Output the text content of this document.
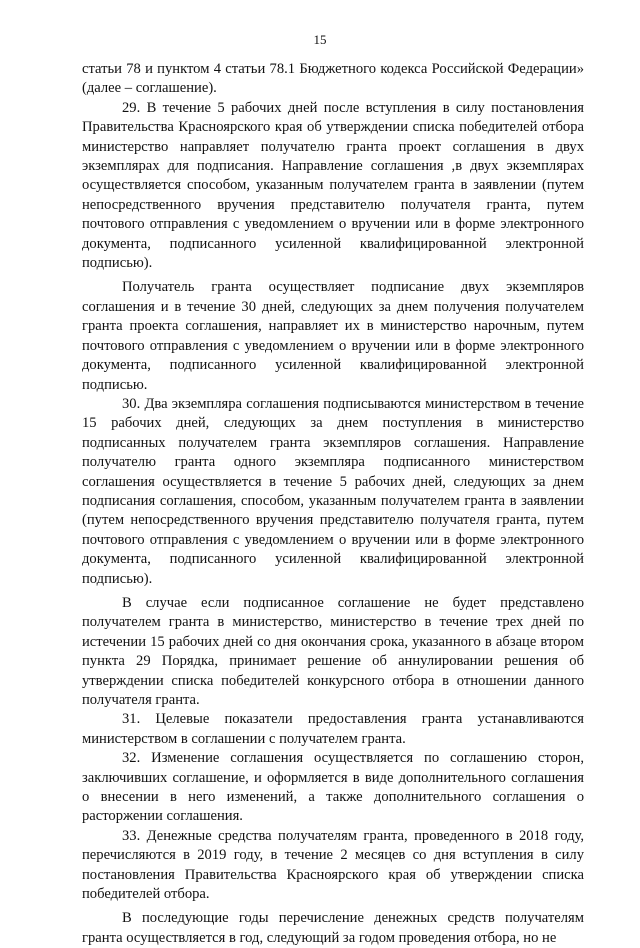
15

статьи 78 и пунктом 4 статьи 78.1 Бюджетного кодекса Российской Федерации» (далее – соглашение).

29. В течение 5 рабочих дней после вступления в силу постановления Правительства Красноярского края об утверждении списка победителей отбора министерство направляет получателю гранта проект соглашения в двух экземплярах для подписания. Направление соглашения ,в двух экземплярах осуществляется способом, указанным получателем гранта в заявлении (путем непосредственного вручения представителю получателя гранта, путем почтового отправления с уведомлением о вручении или в форме электронного документа, подписанного усиленной квалифицированной электронной подписью).

Получатель гранта осуществляет подписание двух экземпляров соглашения и в течение 30 дней, следующих за днем получения получателем гранта проекта соглашения, направляет их в министерство нарочным, путем почтового отправления с уведомлением о вручении или в форме электронного документа, подписанного усиленной квалифицированной электронной подписью.

30. Два экземпляра соглашения подписываются министерством в течение 15 рабочих дней, следующих за днем поступления в министерство подписанных получателем гранта экземпляров соглашения. Направление получателю гранта одного экземпляра подписанного министерством соглашения осуществляется в течение 5 рабочих дней, следующих за днем подписания соглашения, способом, указанным получателем гранта в заявлении (путем непосредственного вручения представителю получателя гранта, путем почтового отправления с уведомлением о вручении или в форме электронного документа, подписанного усиленной квалифицированной электронной подписью).

В случае если подписанное соглашение не будет представлено получателем гранта в министерство, министерство в течение трех дней по истечении 15 рабочих дней со дня окончания срока, указанного в абзаце втором пункта 29 Порядка, принимает решение об аннулировании решения об утверждении списка победителей конкурсного отбора в отношении данного получателя гранта.

31. Целевые показатели предоставления гранта устанавливаются министерством в соглашении с получателем гранта.

32. Изменение соглашения осуществляется по соглашению сторон, заключивших соглашение, и оформляется в виде дополнительного соглашения о внесении в него изменений, а также дополнительного соглашения о расторжении соглашения.

33. Денежные средства получателям гранта, проведенного в 2018 году, перечисляются в 2019 году, в течение 2 месяцев со дня вступления в силу постановления Правительства Красноярского края об утверждении списка победителей отбора.

В последующие годы перечисление денежных средств получателям гранта осуществляется в год, следующий за годом проведения отбора, но не
